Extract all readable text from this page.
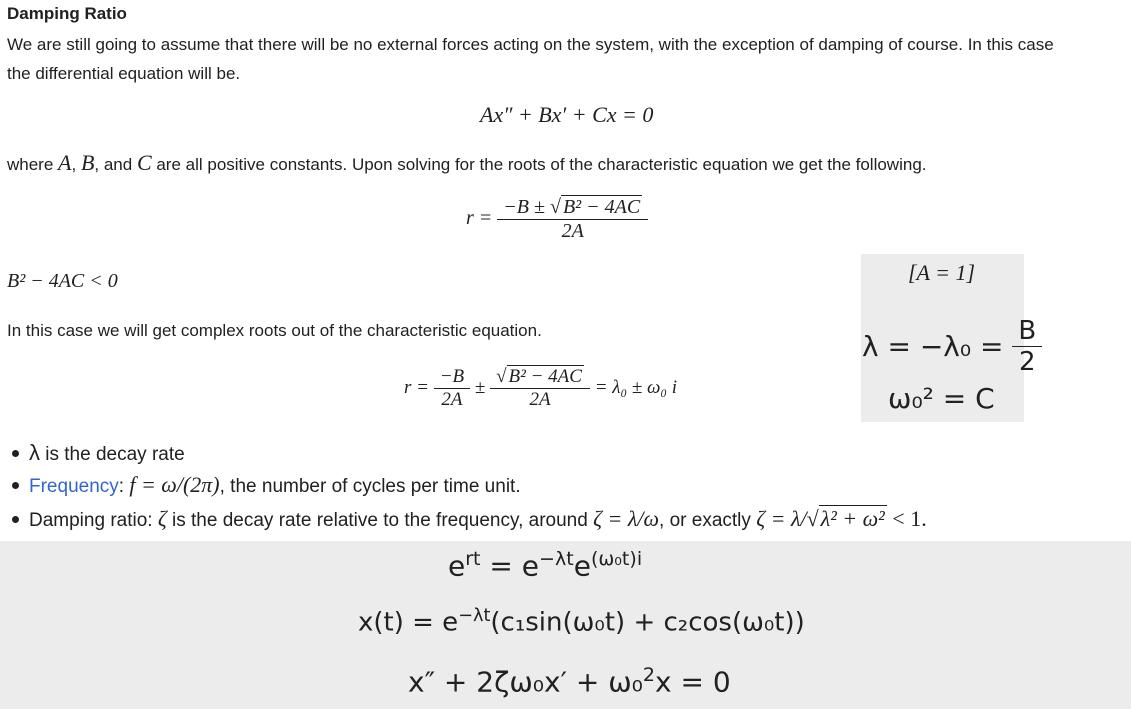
Damping Ratio
We are still going to assume that there will be no external forces acting on the system, with the exception of damping of course. In this case
the differential equation will be.
Ax″ + Bx′ + Cx = 0
where A, B, and C are all positive constants. Upon solving for the roots of the characteristic equation we get the following.
$r = \frac{\text{−B ± √ B² − 4AC}}{2A}$
B² − 4AC < 0
In this case we will get complex roots out of the characteristic equation.
$r = \frac{-B}{2A} \pm \frac{\text{√ B² − 4AC}}{2A} = \lambda_0 \pm \omega_0$ i
[A = 1]
$\lambda = -\lambda_0 = \frac{B}{2}$
ω₀² = C
λ is the decay rate
Frequency: f = ω/(2π), the number of cycles per time unit.
Damping ratio: ζ is the decay rate relative to the frequency, around ζ = λ/ω, or exactly ζ = λ/√λ² + ω² < 1.
$e^{rt} = e^{-\lambda t}e^{(\omega_0t)i}$
$x(t) = e^{-\lambda t}(c_1\sin(\omega_0t) + c_2\cos(\omega_0t))$
x″ + 2ζω₀x′ + ω₀$^2$x = 0
